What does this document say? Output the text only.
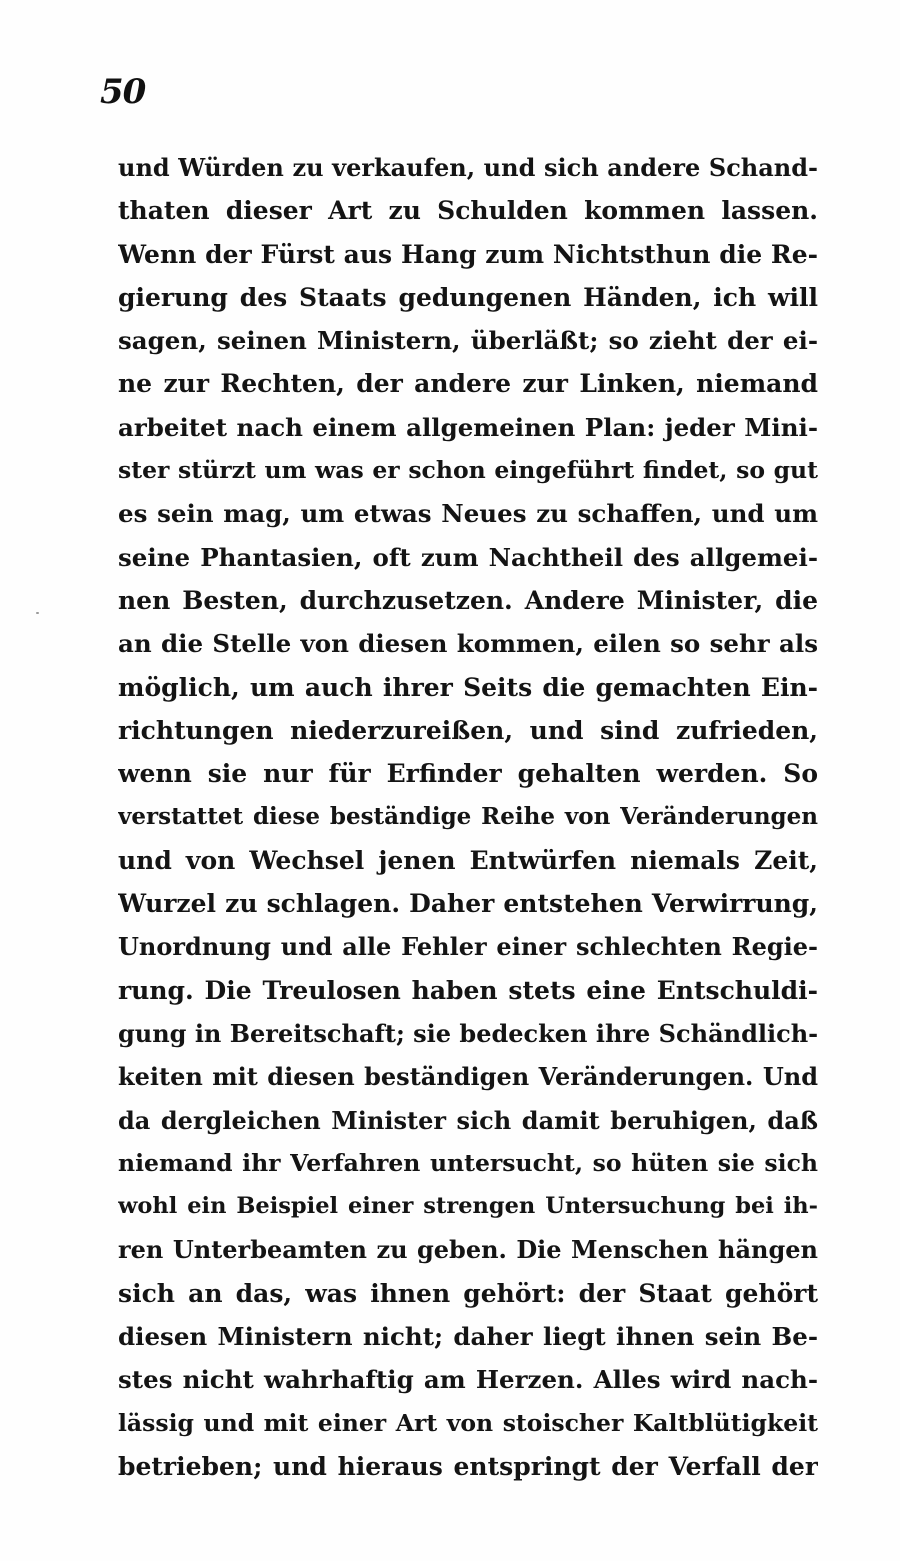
50
und Würden zu verkaufen, und sich andere Schand-
thaten dieser Art zu Schulden kommen lassen.
Wenn der Fürst aus Hang zum Nichtsthun die Re-
gierung des Staats gedungenen Händen, ich will
sagen, seinen Ministern, überläßt; so zieht der ei-
ne zur Rechten, der andere zur Linken, niemand
arbeitet nach einem allgemeinen Plan: jeder Mini-
ster stürzt um was er schon eingeführt findet, so gut
es sein mag, um etwas Neues zu schaffen, und um
seine Phantasien, oft zum Nachtheil des allgemei-
nen Besten, durchzusetzen. Andere Minister, die
an die Stelle von diesen kommen, eilen so sehr als
möglich, um auch ihrer Seits die gemachten Ein-
richtungen niederzureißen, und sind zufrieden,
wenn sie nur für Erfinder gehalten werden. So
verstattet diese beständige Reihe von Veränderungen
und von Wechsel jenen Entwürfen niemals Zeit,
Wurzel zu schlagen. Daher entstehen Verwirrung,
Unordnung und alle Fehler einer schlechten Regie-
rung. Die Treulosen haben stets eine Entschuldi-
gung in Bereitschaft; sie bedecken ihre Schändlich-
keiten mit diesen beständigen Veränderungen. Und
da dergleichen Minister sich damit beruhigen, daß
niemand ihr Verfahren untersucht, so hüten sie sich
wohl ein Beispiel einer strengen Untersuchung bei ih-
ren Unterbeamten zu geben. Die Menschen hängen
sich an das, was ihnen gehört: der Staat gehört
diesen Ministern nicht; daher liegt ihnen sein Be-
stes nicht wahrhaftig am Herzen. Alles wird nach-
lässig und mit einer Art von stoischer Kaltblütigkeit
betrieben; und hieraus entspringt der Verfall der
